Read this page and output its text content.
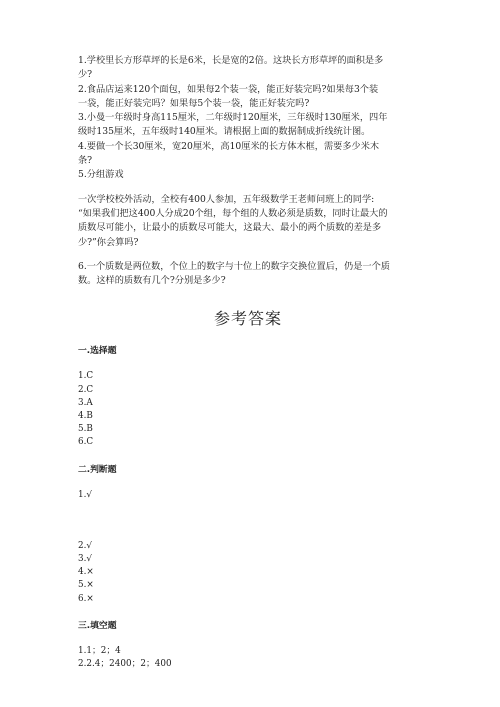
1.学校里长方形草坪的长是6米，长是宽的2倍。这块长方形草坪的面积是多

少?

2.食品店运来120个面包，如果每2个装一袋，能正好装完吗?如果每3个装

一袋，能正好装完吗？如果每5个装一袋，能正好装完吗?

3.小曼一年级时身高115厘米，二年级时120厘米，三年级时130厘米，四年

级时135厘米，五年级时140厘米。请根据上面的数据制成折线统计图。

4.要做一个长30厘米，宽20厘米，高10厘米的长方体木框，需要多少米木

条?

5.分组游戏

一次学校校外活动，全校有400人参加，五年级数学王老师问班上的同学:

“如果我们把这400人分成20个组，每个组的人数必须是质数，同时让最大的

质数尽可能小，让最小的质数尽可能大，这最大、最小的两个质数的差是多

少?”你会算吗?

6.一个质数是两位数，个位上的数字与十位上的数字交换位置后，仍是一个质

数。这样的质数有几个?分别是多少?

参考答案
一.选择题

1.C

2.C

3.A

4.B

5.B

6.C

二.判断题

1.√

2.√

3.√

4.×

5.×

6.×

三.填空题

1.1；2；4

2.2.4；2400；2；400
